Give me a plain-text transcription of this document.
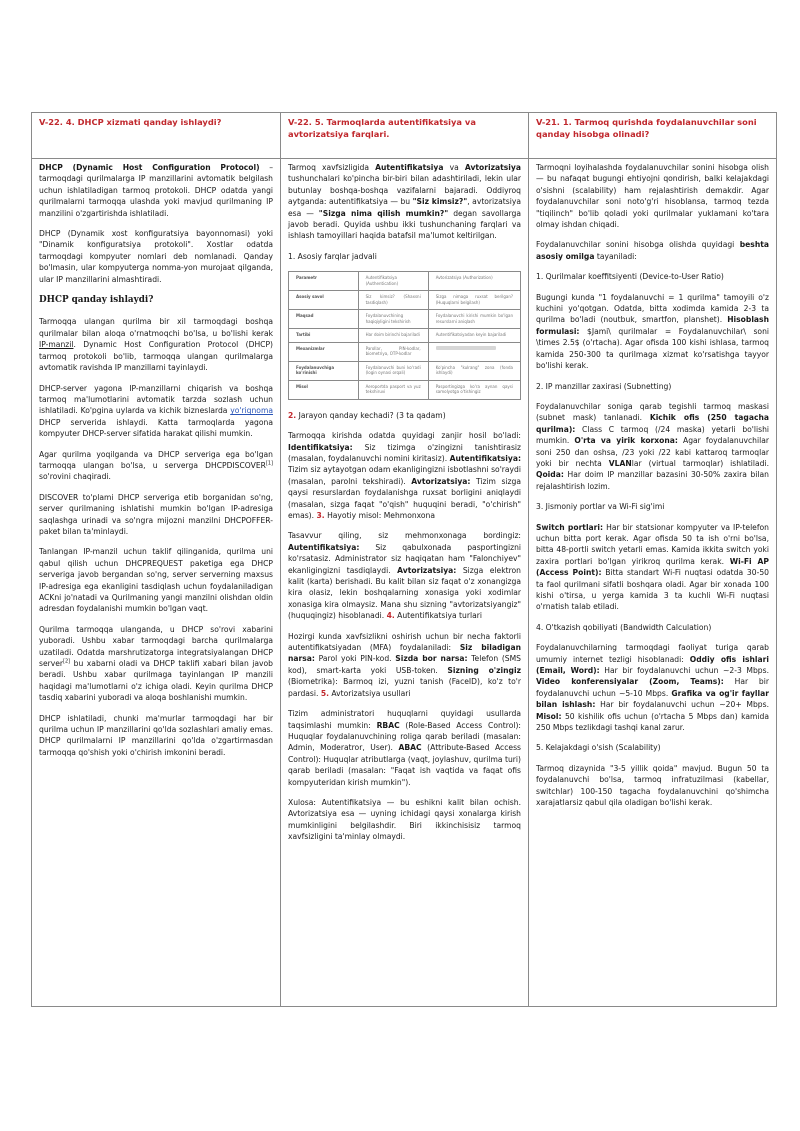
V-22. 4. DHCP xizmati qanday ishlaydi?	V-22. 5. Tarmoqlarda autentifikatsiya va avtorizatsiya farqlari.

V-21. 1. Tarmoq qurishda foydalanuvchilar soni qanday hisobga olinadi?

DHCP (Dynamic Host Configuration Protocol) – tarmoqdagi qurilmalarga IP manzillarini avtomatik belgilash uchun ishlatiladigan tarmoq protokoli. DHCP odatda yangi qurilmalarni tarmoqqa ulashda yoki mavjud qurilmaning IP manzilini o'zgartirishda ishlatiladi.

DHCP (Dynamik xost konfiguratsiya bayonnomasi) yoki "Dinamik konfiguratsiya protokoli". Xostlar odatda tarmoqdagi kompyuter nomlari deb nomlanadi. Qanday bo'lmasin, ular kompyuterga nomma-yon murojaat qilganda, ular IP manzillarini almashtiradi.

DHCP qanday ishlaydi?

Tarmoqqa ulangan qurilma bir xil tarmoqdagi boshqa qurilmalar bilan aloqa o'rnatmoqchi bo'lsa, u bo'lishi kerak IP-manzil. Dynamic Host Configuration Protocol (DHCP) tarmoq protokoli bo'lib, tarmoqqa ulangan qurilmalarga avtomatik ravishda IP manzillarni tayinlaydi.

DHCP-server yagona IP-manzillarni chiqarish va boshqa tarmoq ma'lumotlarini avtomatik tarzda sozlash uchun ishlatiladi. Ko'pgina uylarda va kichik bizneslarda yo'riqnoma DHCP serverida ishlaydi. Katta tarmoqlarda yagona kompyuter DHCP-server sifatida harakat qilishi mumkin.

Agar qurilma yoqilganda va DHCP serveriga ega bo'lgan tarmoqqa ulangan bo'lsa, u serverga DHCPDISCOVER[1] so'rovini chaqiradi.

DISCOVER to'plami DHCP serveriga etib borganidan so'ng, server qurilmaning ishlatishi mumkin bo'lgan IP-adresiga saqlashga urinadi va so'ngra mijozni manzilni DHCPOFFER-paket bilan ta'minlaydi.

Tanlangan IP-manzil uchun taklif qilinganida, qurilma uni qabul qilish uchun DHCPREQUEST paketiga ega DHCP serveriga javob bergandan so'ng, server serverning maxsus IP-adresiga ega ekanligini tasdiqlash uchun foydalaniladigan ACKni jo'natadi va Qurilmaning yangi manzilni olishdan oldin adresdan foydalanishi mumkin bo'lgan vaqt.

Qurilma tarmoqqa ulanganda, u DHCP so'rovi xabarini yuboradi. Ushbu xabar tarmoqdagi barcha qurilmalarga uzatiladi. Odatda marshrutizatorga integratsiyalangan DHCP server[2] bu xabarni oladi va DHCP taklifi xabari bilan javob beradi. Ushbu xabar qurilmaga tayinlangan IP manzili haqidagi ma'lumotlarni o'z ichiga oladi. Keyin qurilma DHCP tasdiq xabarini yuboradi va aloqa boshlanishi mumkin.

DHCP ishlatiladi, chunki ma'murlar tarmoqdagi har bir qurilma uchun IP manzillarini qo'lda sozlashlari amaliy emas. DHCP qurilmalarni IP manzillarini qo'lda o'zgartirmasdan tarmoqqa qo'shish yoki o'chirish imkonini beradi.

Tarmoq xavfsizligida Autentifikatsiya va Avtorizatsiya tushunchalari ko'pincha bir-biri bilan adashtiriladi, lekin ular butunlay boshqa-boshqa vazifalarni bajaradi. Oddiyroq aytganda: autentifikatsiya — bu "Siz kimsiz?", avtorizatsiya esa — "Sizga nima qilish mumkin?" degan savollarga javob beradi. Quyida ushbu ikki tushunchaning farqlari va ishlash tamoyillari haqida batafsil ma'lumot keltirilgan.

1. Asosiy farqlar jadvali

Parametr	Autentifikatsiya (Authentication)	Avtorizatsiya (Authorization)
Asosiy savol	Siz kimsiz? (Shaxsni tasdiqlash)	Sizga nimaga ruxsat berilgan? (Huquqlarni belgilash)
Maqsad	Foydalanuvchining haqiqiyligini tekshirish	Foydalanuvchi kirishi mumkin bo'lgan resurslarni aniqlash
Tartibi	Har doim birinchi bajariladi	Autentifikatsiyadan keyin bajariladi
Mexanizmlar	Parollar, PIN-kodlar, biometriya, OTP-kodlar	
Foydalanuvchiga ko'rinishi	Foydalanuvchi buni ko'radi (login oynasi orqali)	Ko'pincha "kulrang" zona (fonda ishlaydi)
Misol	Aeroportda pasport va yuz tekshiruvi	Pasportingizga ko'ra aynan qaysi samolyotga o'tishingiz

2. Jarayon qanday kechadi? (3 ta qadam)

Tarmoqqa kirishda odatda quyidagi zanjir hosil bo'ladi: Identifikatsiya: Siz tizimga o'zingizni tanishtirasiz (masalan, foydalanuvchi nomini kiritasiz). Autentifikatsiya: Tizim siz aytayotgan odam ekanligingizni isbotlashni so'raydi (masalan, parolni tekshiradi). Avtorizatsiya: Tizim sizga qaysi resurslardan foydalanishga ruxsat borligini aniqlaydi (masalan, sizga faqat "o'qish" huquqini beradi, "o'chirish" emas). 3. Hayotiy misol: Mehmonxona

Tasavvur qiling, siz mehmonxonaga bordingiz: Autentifikatsiya: Siz qabulxonada pasportingizni ko'rsatasiz. Administrator siz haqiqatan ham "Falonchiyev" ekanligingizni tasdiqlaydi. Avtorizatsiya: Sizga elektron kalit (karta) berishadi. Bu kalit bilan siz faqat o'z xonangizga kira olasiz, lekin boshqalarning xonasiga yoki xodimlar xonasiga kira olmaysiz. Mana shu sizning "avtorizatsiyangiz" (huquqingiz) hisoblanadi. 4. Autentifikatsiya turlari

Hozirgi kunda xavfsizlikni oshirish uchun bir necha faktorli autentifikatsiyadan (MFA) foydalaniladi: Siz biladigan narsa: Parol yoki PIN-kod. Sizda bor narsa: Telefon (SMS kod), smart-karta yoki USB-token. Sizning o'zingiz (Biometrika): Barmoq izi, yuzni tanish (FaceID), ko'z to'r pardasi. 5. Avtorizatsiya usullari

Tizim administratori huquqlarni quyidagi usullarda taqsimlashi mumkin: RBAC (Role-Based Access Control): Huquqlar foydalanuvchining roliga qarab beriladi (masalan: Admin, Moderatror, User). ABAC (Attribute-Based Access Control): Huquqlar atributlarga (vaqt, joylashuv, qurilma turi) qarab beriladi (masalan: "Faqat ish vaqtida va faqat ofis kompyuteridan kirish mumkin").

Xulosa: Autentifikatsiya — bu eshikni kalit bilan ochish. Avtorizatsiya esa — uyning ichidagi qaysi xonalarga kirish mumkinligini belgilashdir. Biri ikkinchisisiz tarmoq xavfsizligini ta'minlay olmaydi.

Tarmoqni loyihalashda foydalanuvchilar sonini hisobga olish — bu nafaqat bugungi ehtiyojni qondirish, balki kelajakdagi o'sishni (scalability) ham rejalashtirish demakdir. Agar foydalanuvchilar soni noto'g'ri hisoblansa, tarmoq tezda "tiqilinch" bo'lib qoladi yoki qurilmalar yuklamani ko'tara olmay ishdan chiqadi.

Foydalanuvchilar sonini hisobga olishda quyidagi beshta asosiy omilga tayaniladi:

1. Qurilmalar koeffitsiyenti (Device-to-User Ratio)

Bugungi kunda "1 foydalanuvchi = 1 qurilma" tamoyili o'z kuchini yo'qotgan. Odatda, bitta xodimda kamida 2-3 ta qurilma bo'ladi (noutbuk, smartfon, planshet). Hisoblash formulasi: $Jami\ qurilmalar = Foydalanuvchilar\ soni \times 2.5$ (o'rtacha). Agar ofisda 100 kishi ishlasa, tarmoq kamida 250-300 ta qurilmaga xizmat ko'rsatishga tayyor bo'lishi kerak.

2. IP manzillar zaxirasi (Subnetting)

Foydalanuvchilar soniga qarab tegishli tarmoq maskasi (subnet mask) tanlanadi. Kichik ofis (250 tagacha qurilma): Class C tarmoq (/24 maska) yetarli bo'lishi mumkin. O'rta va yirik korxona: Agar foydalanuvchilar soni 250 dan oshsa, /23 yoki /22 kabi kattaroq tarmoqlar yoki bir nechta VLANlar (virtual tarmoqlar) ishlatiladi. Qoida: Har doim IP manzillar bazasini 30-50% zaxira bilan rejalashtirish lozim.

3. Jismoniy portlar va Wi-Fi sig'imi

Switch portlari: Har bir statsionar kompyuter va IP-telefon uchun bitta port kerak. Agar ofisda 50 ta ish o'rni bo'lsa, bitta 48-portli switch yetarli emas. Kamida ikkita switch yoki zaxira portlari bo'lgan yirikroq qurilma kerak. Wi-Fi AP (Access Point): Bitta standart Wi-Fi nuqtasi odatda 30-50 ta faol qurilmani sifatli boshqara oladi. Agar bir xonada 100 kishi o'tirsa, u yerga kamida 3 ta kuchli Wi-Fi nuqtasi o'rnatish talab etiladi.

4. O'tkazish qobiliyati (Bandwidth Calculation)

Foydalanuvchilarning tarmoqdagi faoliyat turiga qarab umumiy internet tezligi hisoblanadi: Oddiy ofis ishlari (Email, Word): Har bir foydalanuvchi uchun ~2-3 Mbps. Video konferensiyalar (Zoom, Teams): Har bir foydalanuvchi uchun ~5-10 Mbps. Grafika va og'ir fayllar bilan ishlash: Har bir foydalanuvchi uchun ~20+ Mbps. Misol: 50 kishilik ofis uchun (o'rtacha 5 Mbps dan) kamida 250 Mbps tezlikdagi tashqi kanal zarur.

5. Kelajakdagi o'sish (Scalability)

Tarmoq dizaynida "3-5 yillik qoida" mavjud. Bugun 50 ta foydalanuvchi bo'lsa, tarmoq infratuzilmasi (kabellar, switchlar) 100-150 tagacha foydalanuvchini qo'shimcha xarajatlarsiz qabul qila oladigan bo'lishi kerak.
